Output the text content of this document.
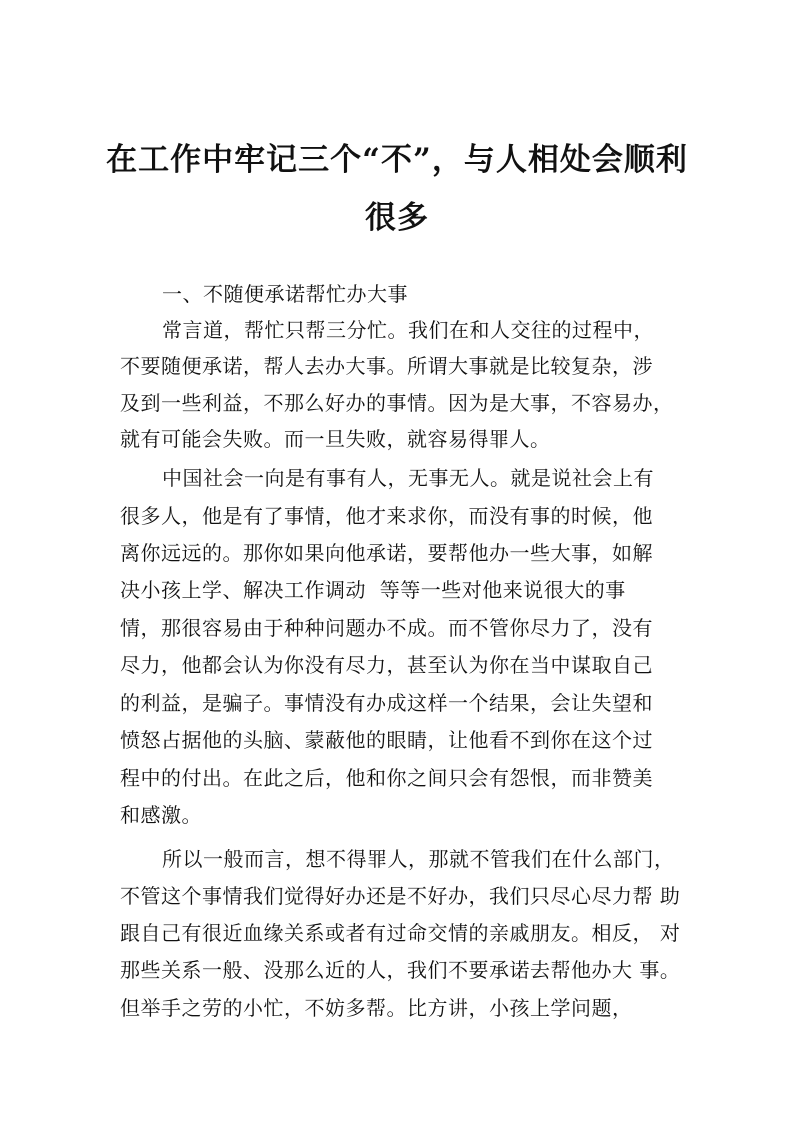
在工作中牢记三个“不”，与人相处会顺利
很多
一、不随便承诺帮忙办大事
常言道，帮忙只帮三分忙。我们在和人交往的过程中，
不要随便承诺，帮人去办大事。所谓大事就是比较复杂，涉
及到一些利益，不那么好办的事情。因为是大事，不容易办，
就有可能会失败。而一旦失败，就容易得罪人。
中国社会一向是有事有人，无事无人。就是说社会上有
很多人，他是有了事情，他才来求你，而没有事的时候，他
离你远远的。那你如果向他承诺，要帮他办一些大事，如解
决小孩上学、解决工作调动  等等一些对他来说很大的事
情，那很容易由于种种问题办不成。而不管你尽力了，没有
尽力，他都会认为你没有尽力，甚至认为你在当中谋取自己
的利益，是骗子。事情没有办成这样一个结果，会让失望和
愤怒占据他的头脑、蒙蔽他的眼睛，让他看不到你在这个过
程中的付出。在此之后，他和你之间只会有怨恨，而非赞美
和感激。
所以一般而言，想不得罪人，那就不管我们在什么部门，
不管这个事情我们觉得好办还是不好办，我们只尽心尽力帮 助
跟自己有很近血缘关系或者有过命交情的亲戚朋友。相反， 对
那些关系一般、没那么近的人，我们不要承诺去帮他办大 事。
但举手之劳的小忙，不妨多帮。比方讲，小孩上学问题，
